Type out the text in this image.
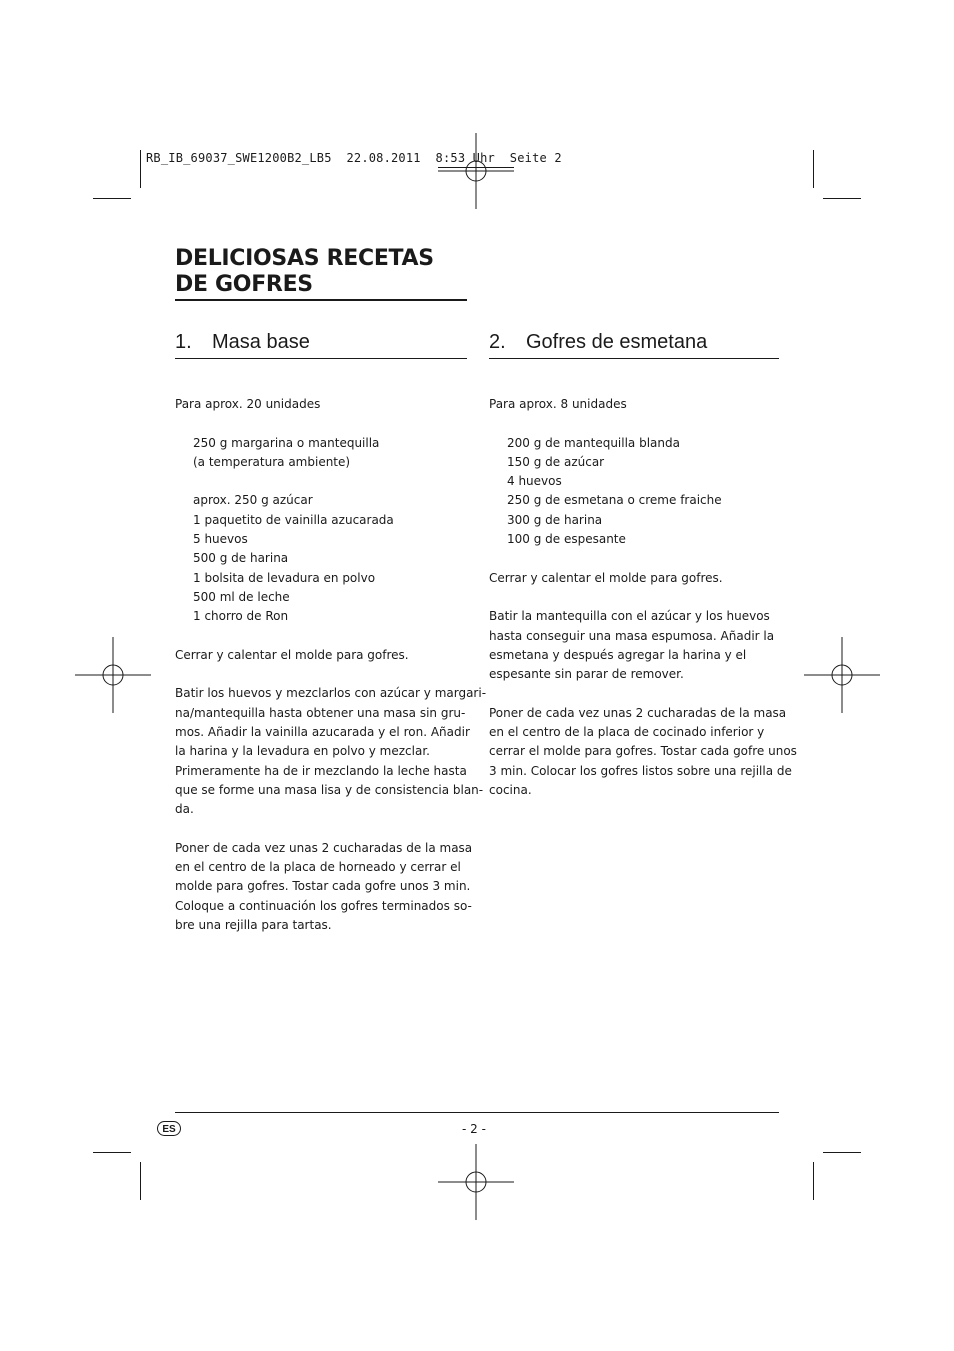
RB_IB_69037_SWE1200B2_LB5  22.08.2011  8:53 Uhr  Seite 2
DELICIOSAS RECETAS
DE GOFRES
1. Masa base	2. Gofres de esmetana

Para aprox. 20 unidades

250 g margarina o mantequilla

(a temperatura ambiente)

aprox. 250 g azúcar

1 paquetito de vainilla azucarada

5 huevos

500 g de harina

1 bolsita de levadura en polvo

500 ml de leche

1 chorro de Ron

Cerrar y calentar el molde para gofres.

Batir los huevos y mezclarlos con azúcar y margari-

na/mantequilla hasta obtener una masa sin gru-

mos. Añadir la vainilla azucarada y el ron. Añadir

la harina y la levadura en polvo y mezclar.

Primeramente ha de ir mezclando la leche hasta

que se forme una masa lisa y de consistencia blan-

da.

Poner de cada vez unas 2 cucharadas de la masa

en el centro de la placa de horneado y cerrar el

molde para gofres. Tostar cada gofre unos 3 min.

Coloque a continuación los gofres terminados so-

bre una rejilla para tartas.

Para aprox. 8 unidades

200 g de mantequilla blanda

150 g de azúcar

4 huevos

250 g de esmetana o creme fraiche

300 g de harina

100 g de espesante

Cerrar y calentar el molde para gofres.

Batir la mantequilla con el azúcar y los huevos

hasta conseguir una masa espumosa. Añadir la

esmetana y después agregar la harina y el

espesante sin parar de remover.

Poner de cada vez unas 2 cucharadas de la masa

en el centro de la placa de cocinado inferior y

cerrar el molde para gofres. Tostar cada gofre unos

3 min. Colocar los gofres listos sobre una rejilla de

cocina.

ES	- 2 -
